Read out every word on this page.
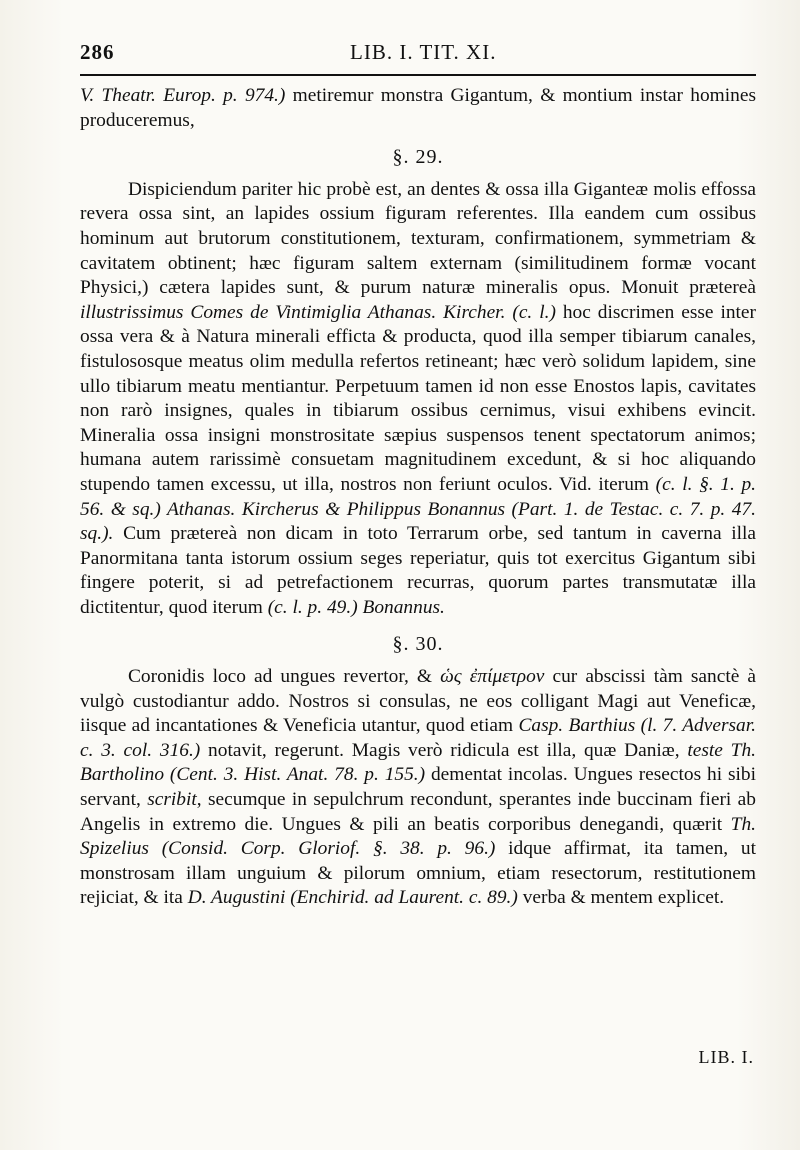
286	LIB. I. TIT. XI.

V. Theatr. Europ. p. 974.) metiremur monstra Gigantum, & montium instar homines produceremus,

§. 29.

Dispiciendum pariter hic probè est, an dentes & ossa illa Giganteæ molis effossa revera ossa sint, an lapides ossium figuram referentes. Illa eandem cum ossibus hominum aut brutorum constitutionem, texturam, confirmationem, symmetriam & cavitatem obtinent; hæc figuram saltem externam (similitudinem formæ vocant Physici,) cætera lapides sunt, & purum naturæ mineralis opus. Monuit prætereà illustrissimus Comes de Vintimiglia Athanas. Kircher. (c. l.) hoc discrimen esse inter ossa vera & à Natura minerali efficta & producta, quod illa semper tibiarum canales, fistulososque meatus olim medulla refertos retineant; hæc verò solidum lapidem, sine ullo tibiarum meatu mentiantur. Perpetuum tamen id non esse Enostos lapis, cavitates non rarò insignes, quales in tibiarum ossibus cernimus, visui exhibens evincit. Mineralia ossa insigni monstrositate sæpius suspensos tenent spectatorum animos; humana autem rarissimè consuetam magnitudinem excedunt, & si hoc aliquando stupendo tamen excessu, ut illa, nostros non feriunt oculos. Vid. iterum (c. l. §. 1. p. 56. & sq.) Athanas. Kircherus & Philippus Bonannus (Part. 1. de Testac. c. 7. p. 47. sq.). Cum prætereà non dicam in toto Terrarum orbe, sed tantum in caverna illa Panormitana tanta istorum ossium seges reperiatur, quis tot exercitus Gigantum sibi fingere poterit, si ad petrefactionem recurras, quorum partes transmutatæ illa dictitentur, quod iterum (c. l. p. 49.) Bonannus.

§. 30.

Coronidis loco ad ungues revertor, & ὡς ἐπίμετρον cur abscissi tàm sanctè à vulgò custodiantur addo. Nostros si consulas, ne eos colligant Magi aut Veneficæ, iisque ad incantationes & Veneficia utantur, quod etiam Casp. Barthius (l. 7. Adversar. c. 3. col. 316.) notavit, regerunt. Magis verò ridicula est illa, quæ Daniæ, teste Th. Bartholino (Cent. 3. Hist. Anat. 78. p. 155.) dementat incolas. Ungues resectos hi sibi servant, scribit, secumque in sepulchrum recondunt, sperantes inde buccinam fieri ab Angelis in extremo die. Ungues & pili an beatis corporibus denegandi, quærit Th. Spizelius (Consid. Corp. Gloriof. §. 38. p. 96.) idque affirmat, ita tamen, ut monstrosam illam unguium & pilorum omnium, etiam resectorum, restitutionem rejiciat, & ita D. Augustini (Enchirid. ad Laurent. c. 89.) verba & mentem explicet.

LIB. I.
